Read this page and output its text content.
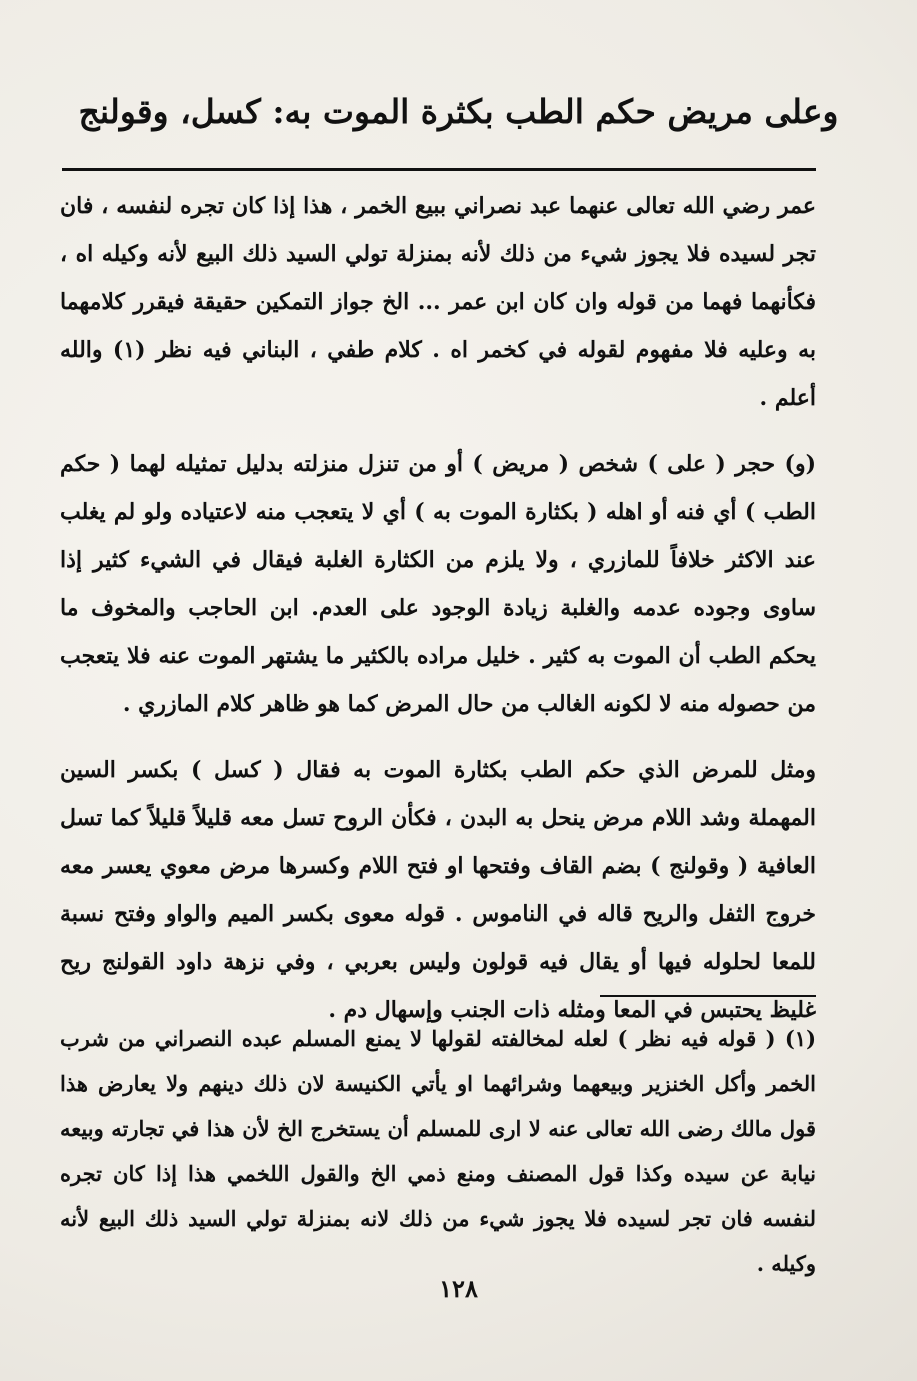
وعلى مريض حكم الطب بكثرة الموت به: كسل، وقولنج

عمر رضي الله تعالى عنهما عبد نصراني ببيع الخمر ، هذا إذا كان تجره لنفسه ، فان تجر لسيده فلا يجوز شيء من ذلك لأنه بمنزلة تولي السيد ذلك البيع لأنه وكيله اه ، فكأنهما فهما من قوله وان كان ابن عمر ... الخ جواز التمكين حقيقة فيقرر كلامهما به وعليه فلا مفهوم لقوله في كخمر اه . كلام طفي ، البناني فيه نظر (١) والله أعلم .

(و) حجر ( على ) شخص ( مريض ) أو من تنزل منزلته بدليل تمثيله لهما ( حكم الطب ) أي فنه أو اهله ( بكثارة الموت به ) أي لا يتعجب منه لاعتياده ولو لم يغلب عند الاكثر خلافاً للمازري ، ولا يلزم من الكثارة الغلبة فيقال في الشيء كثير إذا ساوى وجوده عدمه والغلبة زيادة الوجود على العدم. ابن الحاجب والمخوف ما يحكم الطب أن الموت به كثير . خليل مراده بالكثير ما يشتهر الموت عنه فلا يتعجب من حصوله منه لا لكونه الغالب من حال المرض كما هو ظاهر كلام المازري .

ومثل للمرض الذي حكم الطب بكثارة الموت به فقال ( كسل ) بكسر السين المهملة وشد اللام مرض ينحل به البدن ، فكأن الروح تسل معه قليلاً قليلاً كما تسل العافية ( وقولنج ) بضم القاف وفتحها او فتح اللام وكسرها مرض معوي يعسر معه خروج الثفل والريح قاله في الناموس . قوله معوى بكسر الميم والواو وفتح نسبة للمعا لحلوله فيها أو يقال فيه قولون وليس بعربي ، وفي نزهة داود القولنج ريح غليظ يحتبس في المعا ومثله ذات الجنب وإسهال دم .

(١) ( قوله فيه نظر ) لعله لمخالفته لقولها لا يمنع المسلم عبده النصراني من شرب الخمر وأكل الخنزير وبيعهما وشرائهما او يأتي الكنيسة لان ذلك دينهم ولا يعارض هذا قول مالك رضى الله تعالى عنه لا ارى للمسلم أن يستخرج الخ لأن هذا في تجارته وبيعه نيابة عن سيده وكذا قول المصنف ومنع ذمي الخ والقول اللخمي هذا إذا كان تجره لنفسه فان تجر لسيده فلا يجوز شيء من ذلك لانه بمنزلة تولي السيد ذلك البيع لأنه وكيله .

١٢٨
